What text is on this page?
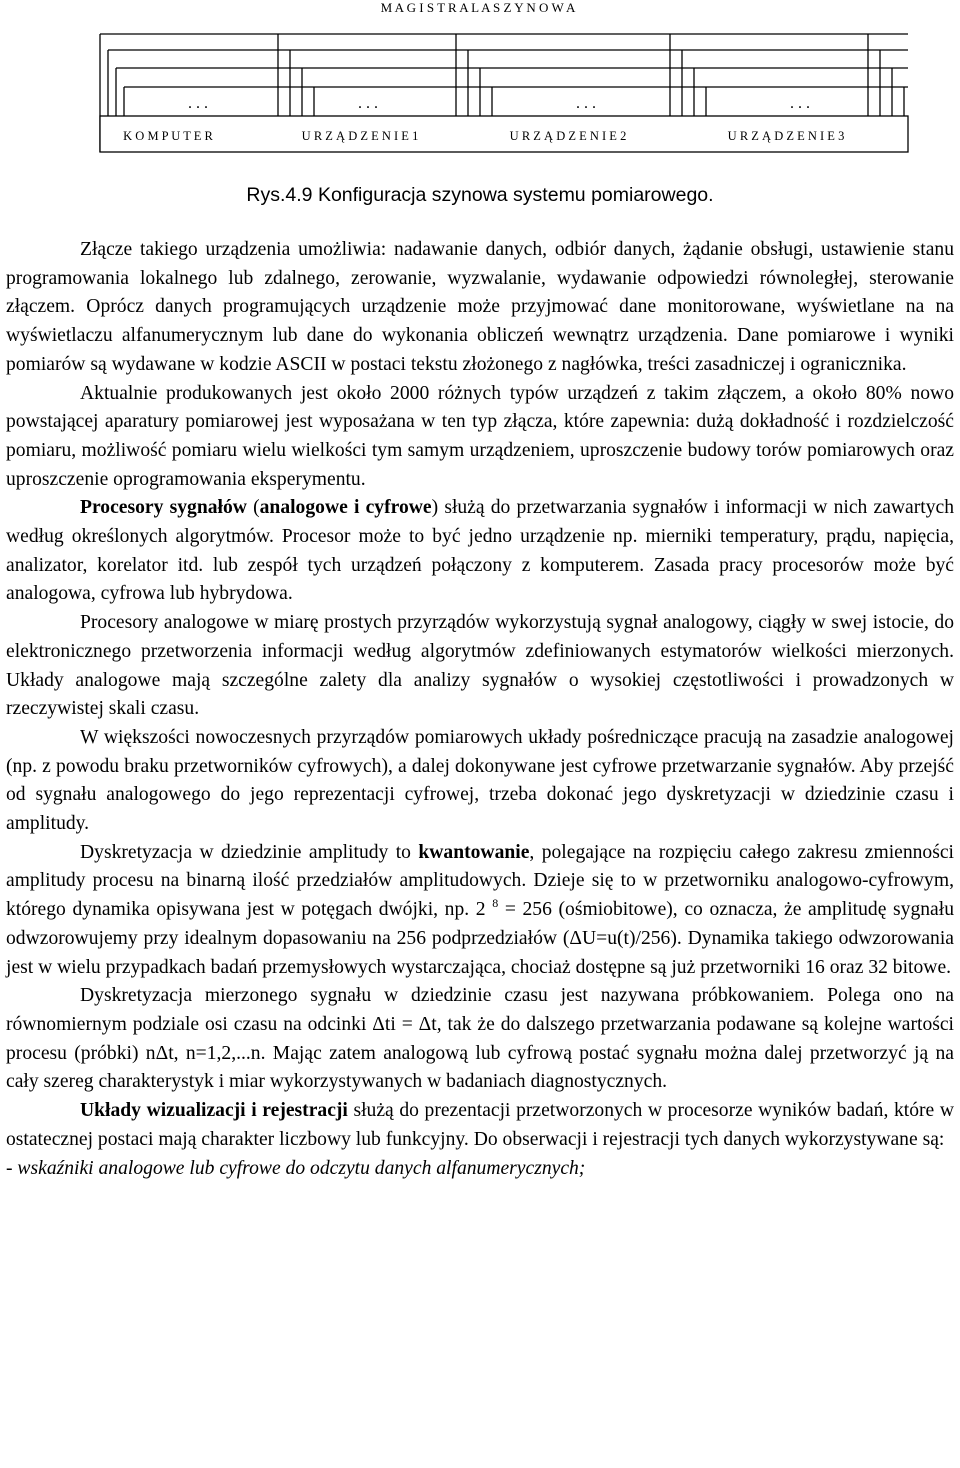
M A G I S T R A L A S Z Y N O W A
. . .	. . .	. . .	. . .
K O M P U T E R	U R Z Ą D Z E N I E 1	U R Z Ą D Z E N I E 2	U R Z Ą D Z E N I E 3
Rys.4.9 Konfiguracja szynowa systemu pomiarowego.

Złącze takiego urządzenia umożliwia: nadawanie danych, odbiór danych, żądanie obsługi, ustawienie stanu programowania lokalnego lub zdalnego, zerowanie, wyzwalanie, wydawanie odpowiedzi równoległej, sterowanie złączem. Oprócz danych programujących urządzenie może przyjmować dane monitorowane, wyświetlane na na wyświetlaczu alfanumerycznym lub dane do wykonania obliczeń wewnątrz urządzenia. Dane pomiarowe i wyniki pomiarów są wydawane w kodzie ASCII w postaci tekstu złożonego z nagłówka, treści zasadniczej i ogranicznika.

Aktualnie produkowanych jest około 2000 różnych typów urządzeń z takim złączem, a około 80% nowo powstającej aparatury pomiarowej jest wyposażana w ten typ złącza, które zapewnia: dużą dokładność i rozdzielczość pomiaru, możliwość pomiaru wielu wielkości tym samym urządzeniem, uproszczenie budowy torów pomiarowych oraz uproszczenie oprogramowania eksperymentu.

Procesory sygnałów (analogowe i cyfrowe) służą do przetwarzania sygnałów i informacji w nich zawartych według określonych algorytmów. Procesor może to być jedno urządzenie np. mierniki temperatury, prądu, napięcia, analizator, korelator itd. lub zespół tych urządzeń połączony z komputerem. Zasada pracy procesorów może być analogowa, cyfrowa lub hybrydowa.

Procesory analogowe w miarę prostych przyrządów wykorzystują sygnał analogowy, ciągły w swej istocie, do elektronicznego przetworzenia informacji według algorytmów zdefiniowanych estymatorów wielkości mierzonych. Układy analogowe mają szczególne zalety dla analizy sygnałów o wysokiej częstotliwości i prowadzonych w rzeczywistej skali czasu.

W większości nowoczesnych przyrządów pomiarowych układy pośredniczące pracują na zasadzie analogowej (np. z powodu braku przetworników cyfrowych), a dalej dokonywane jest cyfrowe przetwarzanie sygnałów. Aby przejść od sygnału analogowego do jego reprezentacji cyfrowej, trzeba dokonać jego dyskretyzacji w dziedzinie czasu i amplitudy.

Dyskretyzacja w dziedzinie amplitudy to kwantowanie, polegające na rozpięciu całego zakresu zmienności amplitudy procesu na binarną ilość przedziałów amplitudowych. Dzieje się to w przetworniku analogowo-cyfrowym, którego dynamika opisywana jest w potęgach dwójki, np. 2 $^8$ = 256 (ośmiobitowe), co oznacza, że amplitudę sygnału odwzorowujemy przy idealnym dopasowaniu na 256 podprzedziałów (ΔU=u(t)/256). Dynamika takiego odwzorowania jest w wielu przypadkach badań przemysłowych wystarczająca, chociaż dostępne są już przetworniki 16 oraz 32 bitowe.

Dyskretyzacja mierzonego sygnału w dziedzinie czasu jest nazywana próbkowaniem. Polega ono na równomiernym podziale osi czasu na odcinki Δti = Δt, tak że do dalszego przetwarzania podawane są kolejne wartości procesu (próbki) nΔt, n=1,2,...n. Mając zatem analogową lub cyfrową postać sygnału można dalej przetworzyć ją na cały szereg charakterystyk i miar wykorzystywanych w badaniach diagnostycznych.

Układy wizualizacji i rejestracji służą do prezentacji przetworzonych w procesorze wyników badań, które w ostatecznej postaci mają charakter liczbowy lub funkcyjny. Do obserwacji i rejestracji tych danych wykorzystywane są:

- wskaźniki analogowe lub cyfrowe do odczytu danych alfanumerycznych;
